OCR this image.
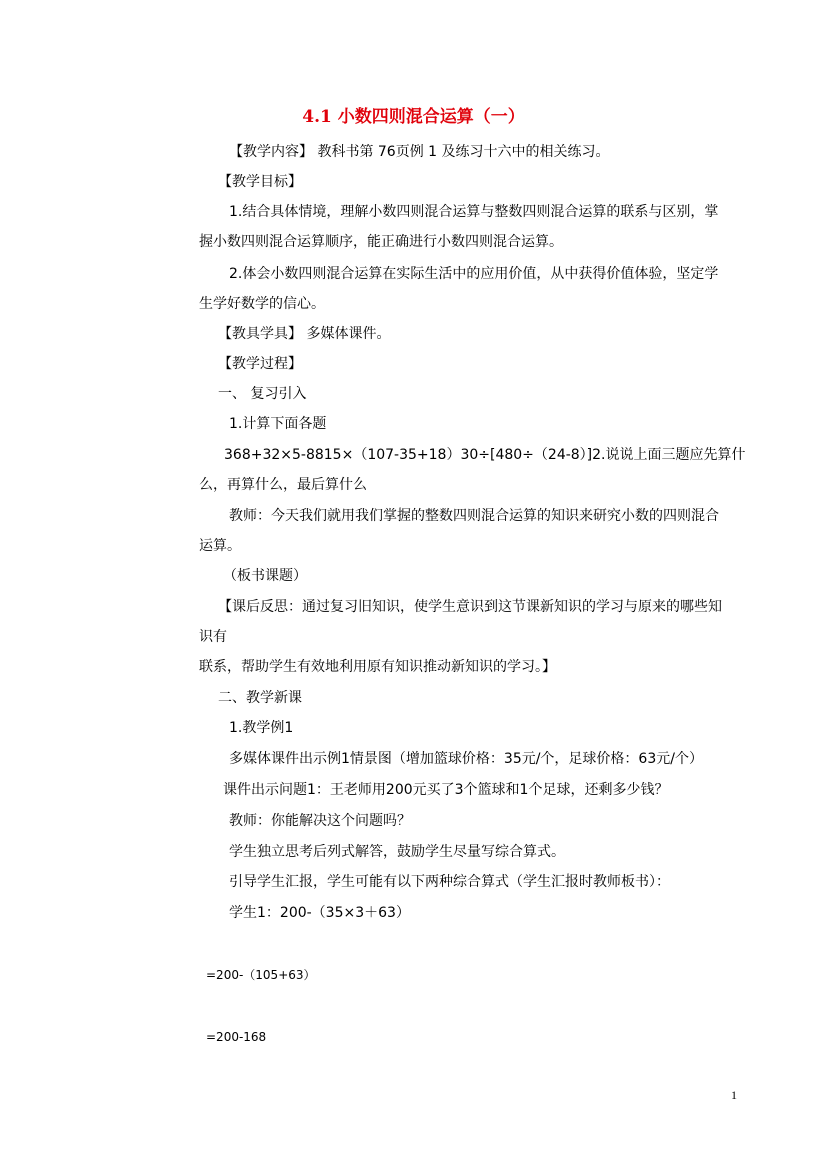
4.1 小数四则混合运算（一）
【教学内容】 教科书第 76页例 1 及练习十六中的相关练习。
【教学目标】
1.结合具体情境，理解小数四则混合运算与整数四则混合运算的联系与区别，掌
握小数四则混合运算顺序，能正确进行小数四则混合运算。
2.体会小数四则混合运算在实际生活中的应用价值，从中获得价值体验，坚定学
生学好数学的信心。
【教具学具】 多媒体课件。
【教学过程】
一、 复习引入
1.计算下面各题
368+32×5-8815×（107-35+18）30÷[480÷（24-8）]2.说说上面三题应先算什
么，再算什么，最后算什么
教师：今天我们就用我们掌握的整数四则混合运算的知识来研究小数的四则混合
运算。
（板书课题）
【课后反思：通过复习旧知识，使学生意识到这节课新知识的学习与原来的哪些知
识有
联系，帮助学生有效地利用原有知识推动新知识的学习。】
二、教学新课
1.教学例1
多媒体课件出示例1情景图（增加篮球价格：35元/个，足球价格：63元/个）
课件出示问题1：王老师用200元买了3个篮球和1个足球，还剩多少钱？
教师：你能解决这个问题吗？
学生独立思考后列式解答，鼓励学生尽量写综合算式。
引导学生汇报，学生可能有以下两种综合算式（学生汇报时教师板书）：
学生1：200-（35×3＋63）
=200-（105+63）
=200-168
1
